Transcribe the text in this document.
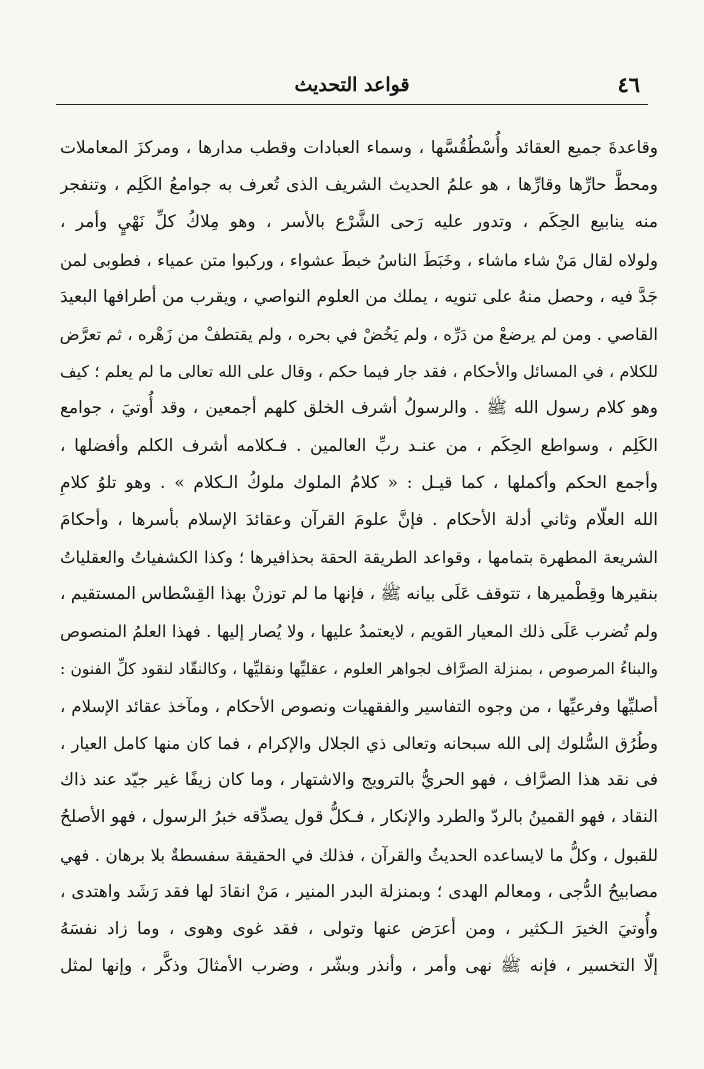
٤٦
قواعد التحديث
وقاعدةَ جميع العقائد وأُسْطُقُسَّها ، وسماء العبادات وقطب مدارها ، ومركزَ المعاملات
ومحطَّ حارِّها وقارِّها ، هو علمُ الحديث الشريف الذى تُعرف به جوامعُ الكَلِم ، وتنفجر
منه ينابيع الحِكَم ، وتدور عليه رَحى الشَّرْع بالأسر ، وهو مِلاكُ كلِّ نَهْيٍ وأمر ،
ولولاه لقال مَنْ شاء ماشاء ، وخَبَطَ الناسُ خبطَ عشواء ، وركبوا متن عمياء ، فطوبى لمن
جَدَّ فيه ، وحصل منهُ على تنويه ، يملك من العلوم النواصي ، ويقرب من أطرافها البعيدَ
القاصي . ومن لم يرضعْ من دَرِّه ، ولم يَخُضْ في بحره ، ولم يقتطفْ من زَهْره ، ثم تعرَّض
للكلام ، في المسائل والأحكام ، فقد جار فيما حكم ، وقال على الله تعالى ما لم يعلم ؛ كيف
وهو كلام رسول الله ﷺ . والرسولُ أشرف الخلق كلهم أجمعين ، وقد أُوتيَ ، جوامع
الكَلِم ، وسواطع الحِكَم ، من عنـد ربِّ العالمين . فـكلامه أشرف الكلم وأفضلها ،
وأجمع الحكم وأكملها ، كما قيـل : « كلامُ الملوك ملوكُ الـكلام » . وهو تلوُ كلامِ
الله العلّام وثاني أدلة الأحكام . فإنَّ علومَ القرآن وعقائدَ الإسلام بأسرها ، وأحكامَ
الشريعة المطهرة بتمامها ، وقواعد الطريقة الحقة بحذافيرها ؛ وكذا الكشفياتُ والعقلياتُ
بنقيرها وقِطْميرها ، تتوقف عَلَى بيانه ﷺ ، فإنها ما لم توزنْ بهذا القِسْطاس المستقيم ،
ولم تُضرب عَلَى ذلك المعيار القويم ، لايعتمدُ عليها ، ولا يُصار إليها . فهذا العلمُ المنصوص
والبناءُ المرصوص ، بمنزلة الصرَّاف لجواهر العلوم ، عقليِّها ونقليِّها ، وكالنقّاد لنقود كلِّ الفنون :
أصليِّها وفرعيِّها ، من وجوه التفاسير والفقهيات ونصوص الأحكام ، ومآخذ عقائد الإسلام ،
وطُرُق السُّلوك إلى الله سبحانه وتعالى ذي الجلال والإكرام ، فما كان منها كامل العيار ،
فى نقد هذا الصرَّاف ، فهو الحريُّ بالترويج والاشتهار ، وما كان زيفًا غير جيّد عند ذاك
النقاد ، فهو القمينُ بالردّ والطرد والإنكار ، فـكلُّ قول يصدِّقه خبرُ الرسول ، فهو الأصلحُ
للقبول ، وكلُّ ما لايساعده الحديثُ والقرآن ، فذلك في الحقيقة سفسطةٌ بلا برهان . فهي
مصابيحُ الدُّجى ، ومعالم الهدى ؛ وبمنزلة البدر المنير ، مَنْ انقادَ لها فقد رَشَد واهتدى ،
وأُوتيَ الخيرَ الـكثير ، ومن أعرَض عنها وتولى ، فقد غوى وهوى ، وما زاد نفسَهُ
إلّا التخسير ، فإنه ﷺ نهى وأمر ، وأنذر وبشّر ، وضرب الأمثالَ وذكَّر ، وإنها لمثل
